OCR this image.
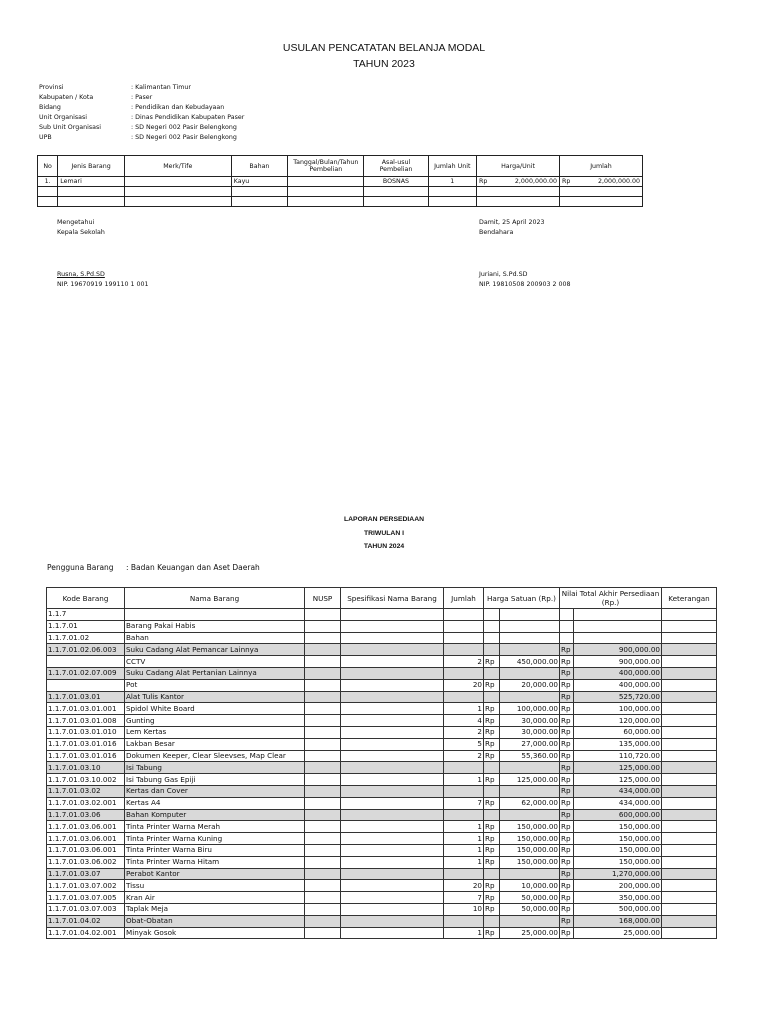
USULAN PENCATATAN BELANJA MODAL
TAHUN 2023
Provinsi	: Kalimantan Timur
Kabupaten / Kota	: Paser
Bidang	: Pendidikan dan Kebudayaan
Unit Organisasi	: Dinas Pendidikan Kabupaten Paser
Sub Unit Organisasi	: SD Negeri 002 Pasir Belengkong
UPB	: SD Negeri 002 Pasir Belengkong
No	Jenis Barang	Merk/Tife	Bahan	Tanggal/Bulan/Tahun Pembelian	Asal-usul Pembelian	Jumlah Unit	Harga/Unit	Jumlah
1.	Lemari		Kayu		BOSNAS	1	Rp 2,000,000.00	Rp 2,000,000.00

Mengetahui
Kepala Sekolah
Rusna, S.Pd.SD
NIP. 19670919 199110 1 001
Damit, 25 April 2023
Bendahara
Juriani, S.Pd.SD
NIP. 19810508 200903 2 008
LAPORAN PERSEDIAAN
TRIWULAN I
TAHUN 2024
Pengguna Barang : Badan Keuangan dan Aset Daerah
Kode Barang	Nama Barang	NUSP	Spesifikasi Nama Barang	Jumlah	Harga Satuan (Rp.)		Nilai Total Akhir Persediaan (Rp.)		Keterangan
1.1.7									
1.1.7.01	Barang Pakai Habis								
1.1.7.01.02	Bahan								
1.1.7.01.02.06.003	Suku Cadang Alat Pemancar Lainnya						Rp	900,000.00	
	CCTV			2	Rp	450,000.00	Rp	900,000.00	
1.1.7.01.02.07.009	Suku Cadang Alat Pertanian Lainnya						Rp	400,000.00	
	Pot			20	Rp	20,000.00	Rp	400,000.00	
1.1.7.01.03.01	Alat Tulis Kantor						Rp	525,720.00	
1.1.7.01.03.01.001	Spidol White Board			1	Rp	100,000.00	Rp	100,000.00	
1.1.7.01.03.01.008	Gunting			4	Rp	30,000.00	Rp	120,000.00	
1.1.7.01.03.01.010	Lem Kertas			2	Rp	30,000.00	Rp	60,000.00	
1.1.7.01.03.01.016	Lakban Besar			5	Rp	27,000.00	Rp	135,000.00	
1.1.7.01.03.01.016	Dokumen Keeper, Clear Sleevses, Map Clear			2	Rp	55,360.00	Rp	110,720.00	
1.1.7.01.03.10	Isi Tabung						Rp	125,000.00	
1.1.7.01.03.10.002	Isi Tabung Gas Epiji			1	Rp	125,000.00	Rp	125,000.00	
1.1.7.01.03.02	Kertas dan Cover						Rp	434,000.00	
1.1.7.01.03.02.001	Kertas A4			7	Rp	62,000.00	Rp	434,000.00	
1.1.7.01.03.06	Bahan Komputer						Rp	600,000.00	
1.1.7.01.03.06.001	Tinta Printer Warna Merah			1	Rp	150,000.00	Rp	150,000.00	
1.1.7.01.03.06.001	Tinta Printer Warna Kuning			1	Rp	150,000.00	Rp	150,000.00	
1.1.7.01.03.06.001	Tinta Printer Warna Biru			1	Rp	150,000.00	Rp	150,000.00	
1.1.7.01.03.06.002	Tinta Printer Warna Hitam			1	Rp	150,000.00	Rp	150,000.00	
1.1.7.01.03.07	Perabot Kantor						Rp	1,270,000.00	
1.1.7.01.03.07.002	Tissu			20	Rp	10,000.00	Rp	200,000.00	
1.1.7.01.03.07.005	Kran Air			7	Rp	50,000.00	Rp	350,000.00	
1.1.7.01.03.07.003	Taplak Meja			10	Rp	50,000.00	Rp	500,000.00	
1.1.7.01.04.02	Obat-Obatan						Rp	168,000.00	
1.1.7.01.04.02.001	Minyak Gosok			1	Rp	25,000.00	Rp	25,000.00	
